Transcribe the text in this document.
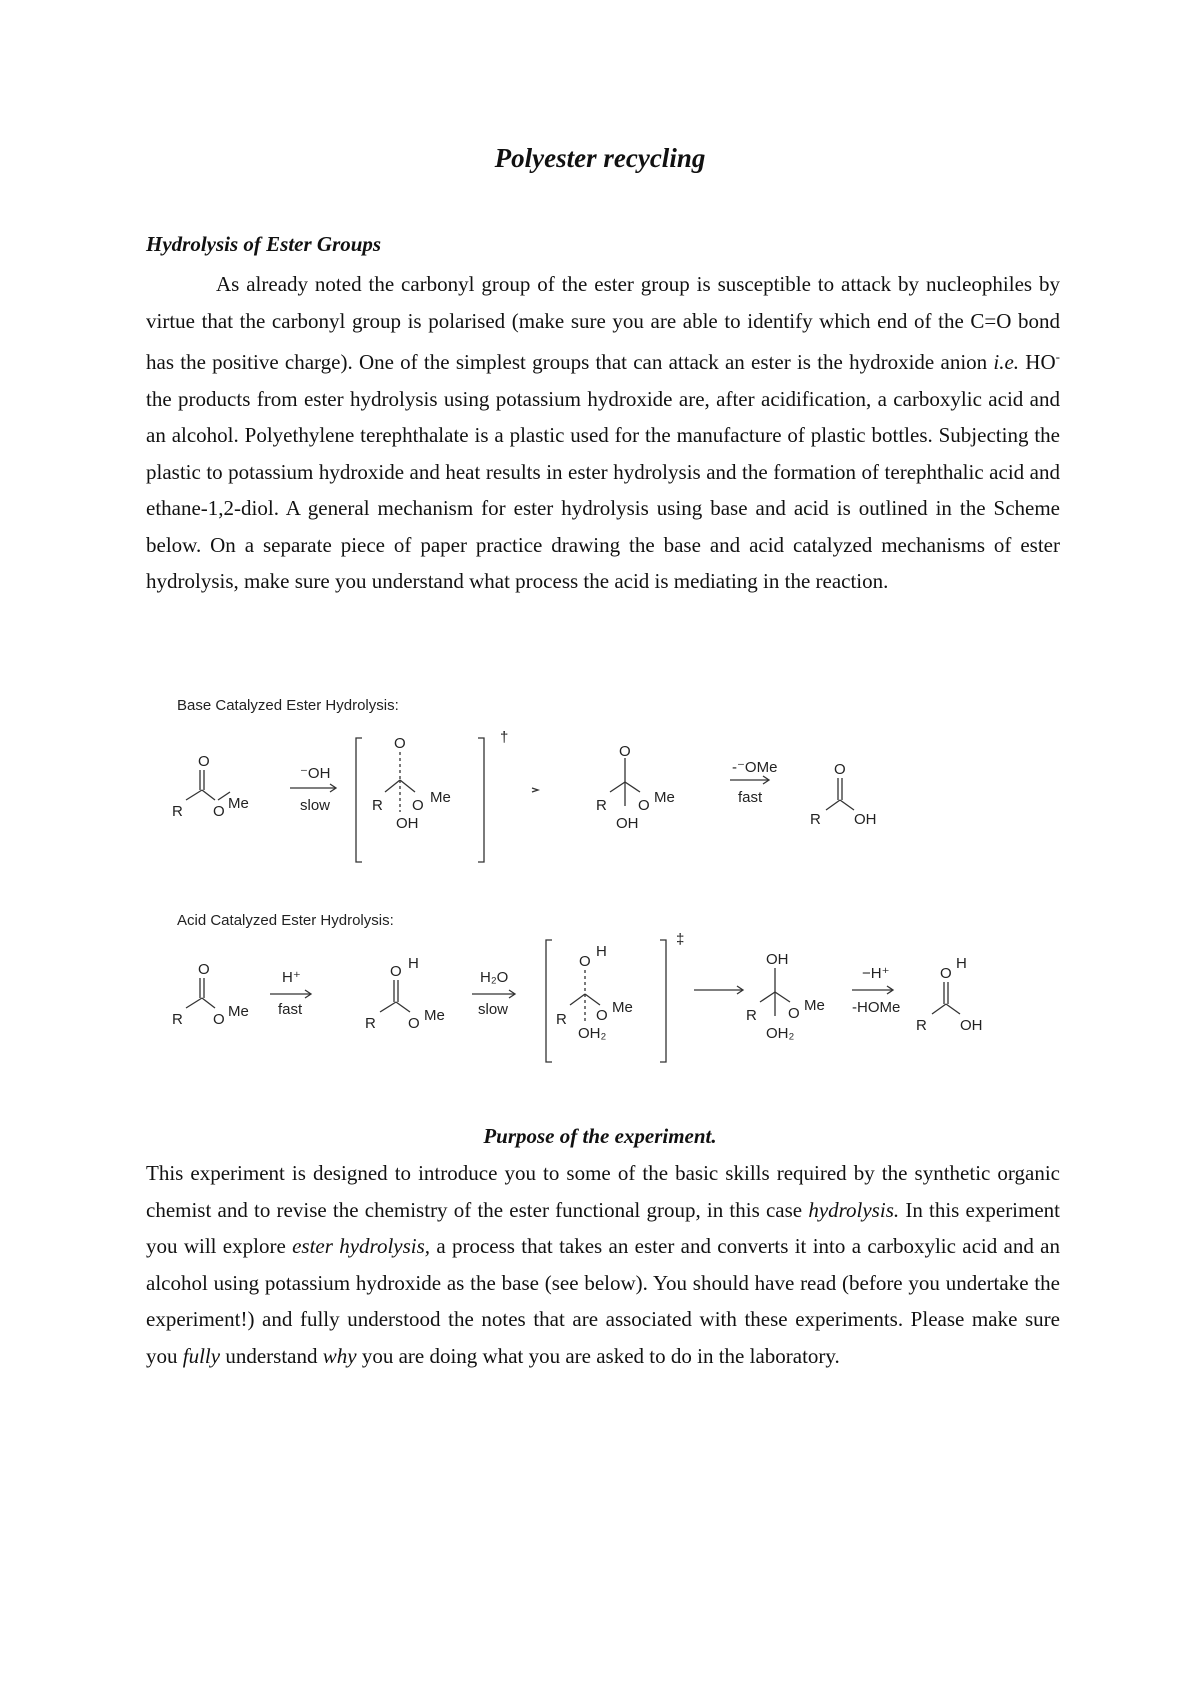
Polyester recycling
Hydrolysis of Ester Groups

As already noted the carbonyl group of the ester group is susceptible to attack by nucleophiles by virtue that the carbonyl group is polarised (make sure you are able to identify which end of the C=O bond has the positive charge). One of the simplest groups that can attack an ester is the hydroxide anion i.e. HO- the products from ester hydrolysis using potassium hydroxide are, after acidification, a carboxylic acid and an alcohol. Polyethylene terephthalate is a plastic used for the manufacture of plastic bottles. Subjecting the plastic to potassium hydroxide and heat results in ester hydrolysis and the formation of terephthalic acid and ethane-1,2-diol. A general mechanism for ester hydrolysis using base and acid is outlined in the Scheme below. On a separate piece of paper practice drawing the base and acid catalyzed mechanisms of ester hydrolysis, make sure you understand what process the acid is mediating in the reaction.

Base Catalyzed Ester Hydrolysis:
O
R O Me
⁻OH
slow
O
R O Me
OH
†
O
R O Me
OH
-⁻OMe
fast
O
R OH
Acid Catalyzed Ester Hydrolysis:
O
R O Me
H⁺
fast
O H
R O Me
H₂O
slow
O
H
R O Me
OH₂
‡
OH
R O Me
OH₂
−H⁺
-HOMe
O
H
R OH
Purpose of the experiment.

This experiment is designed to introduce you to some of the basic skills required by the synthetic organic chemist and to revise the chemistry of the ester functional group, in this case hydrolysis. In this experiment you will explore ester hydrolysis, a process that takes an ester and converts it into a carboxylic acid and an alcohol using potassium hydroxide as the base (see below). You should have read (before you undertake the experiment!) and fully understood the notes that are associated with these experiments. Please make sure you fully understand why you are doing what you are asked to do in the laboratory.
